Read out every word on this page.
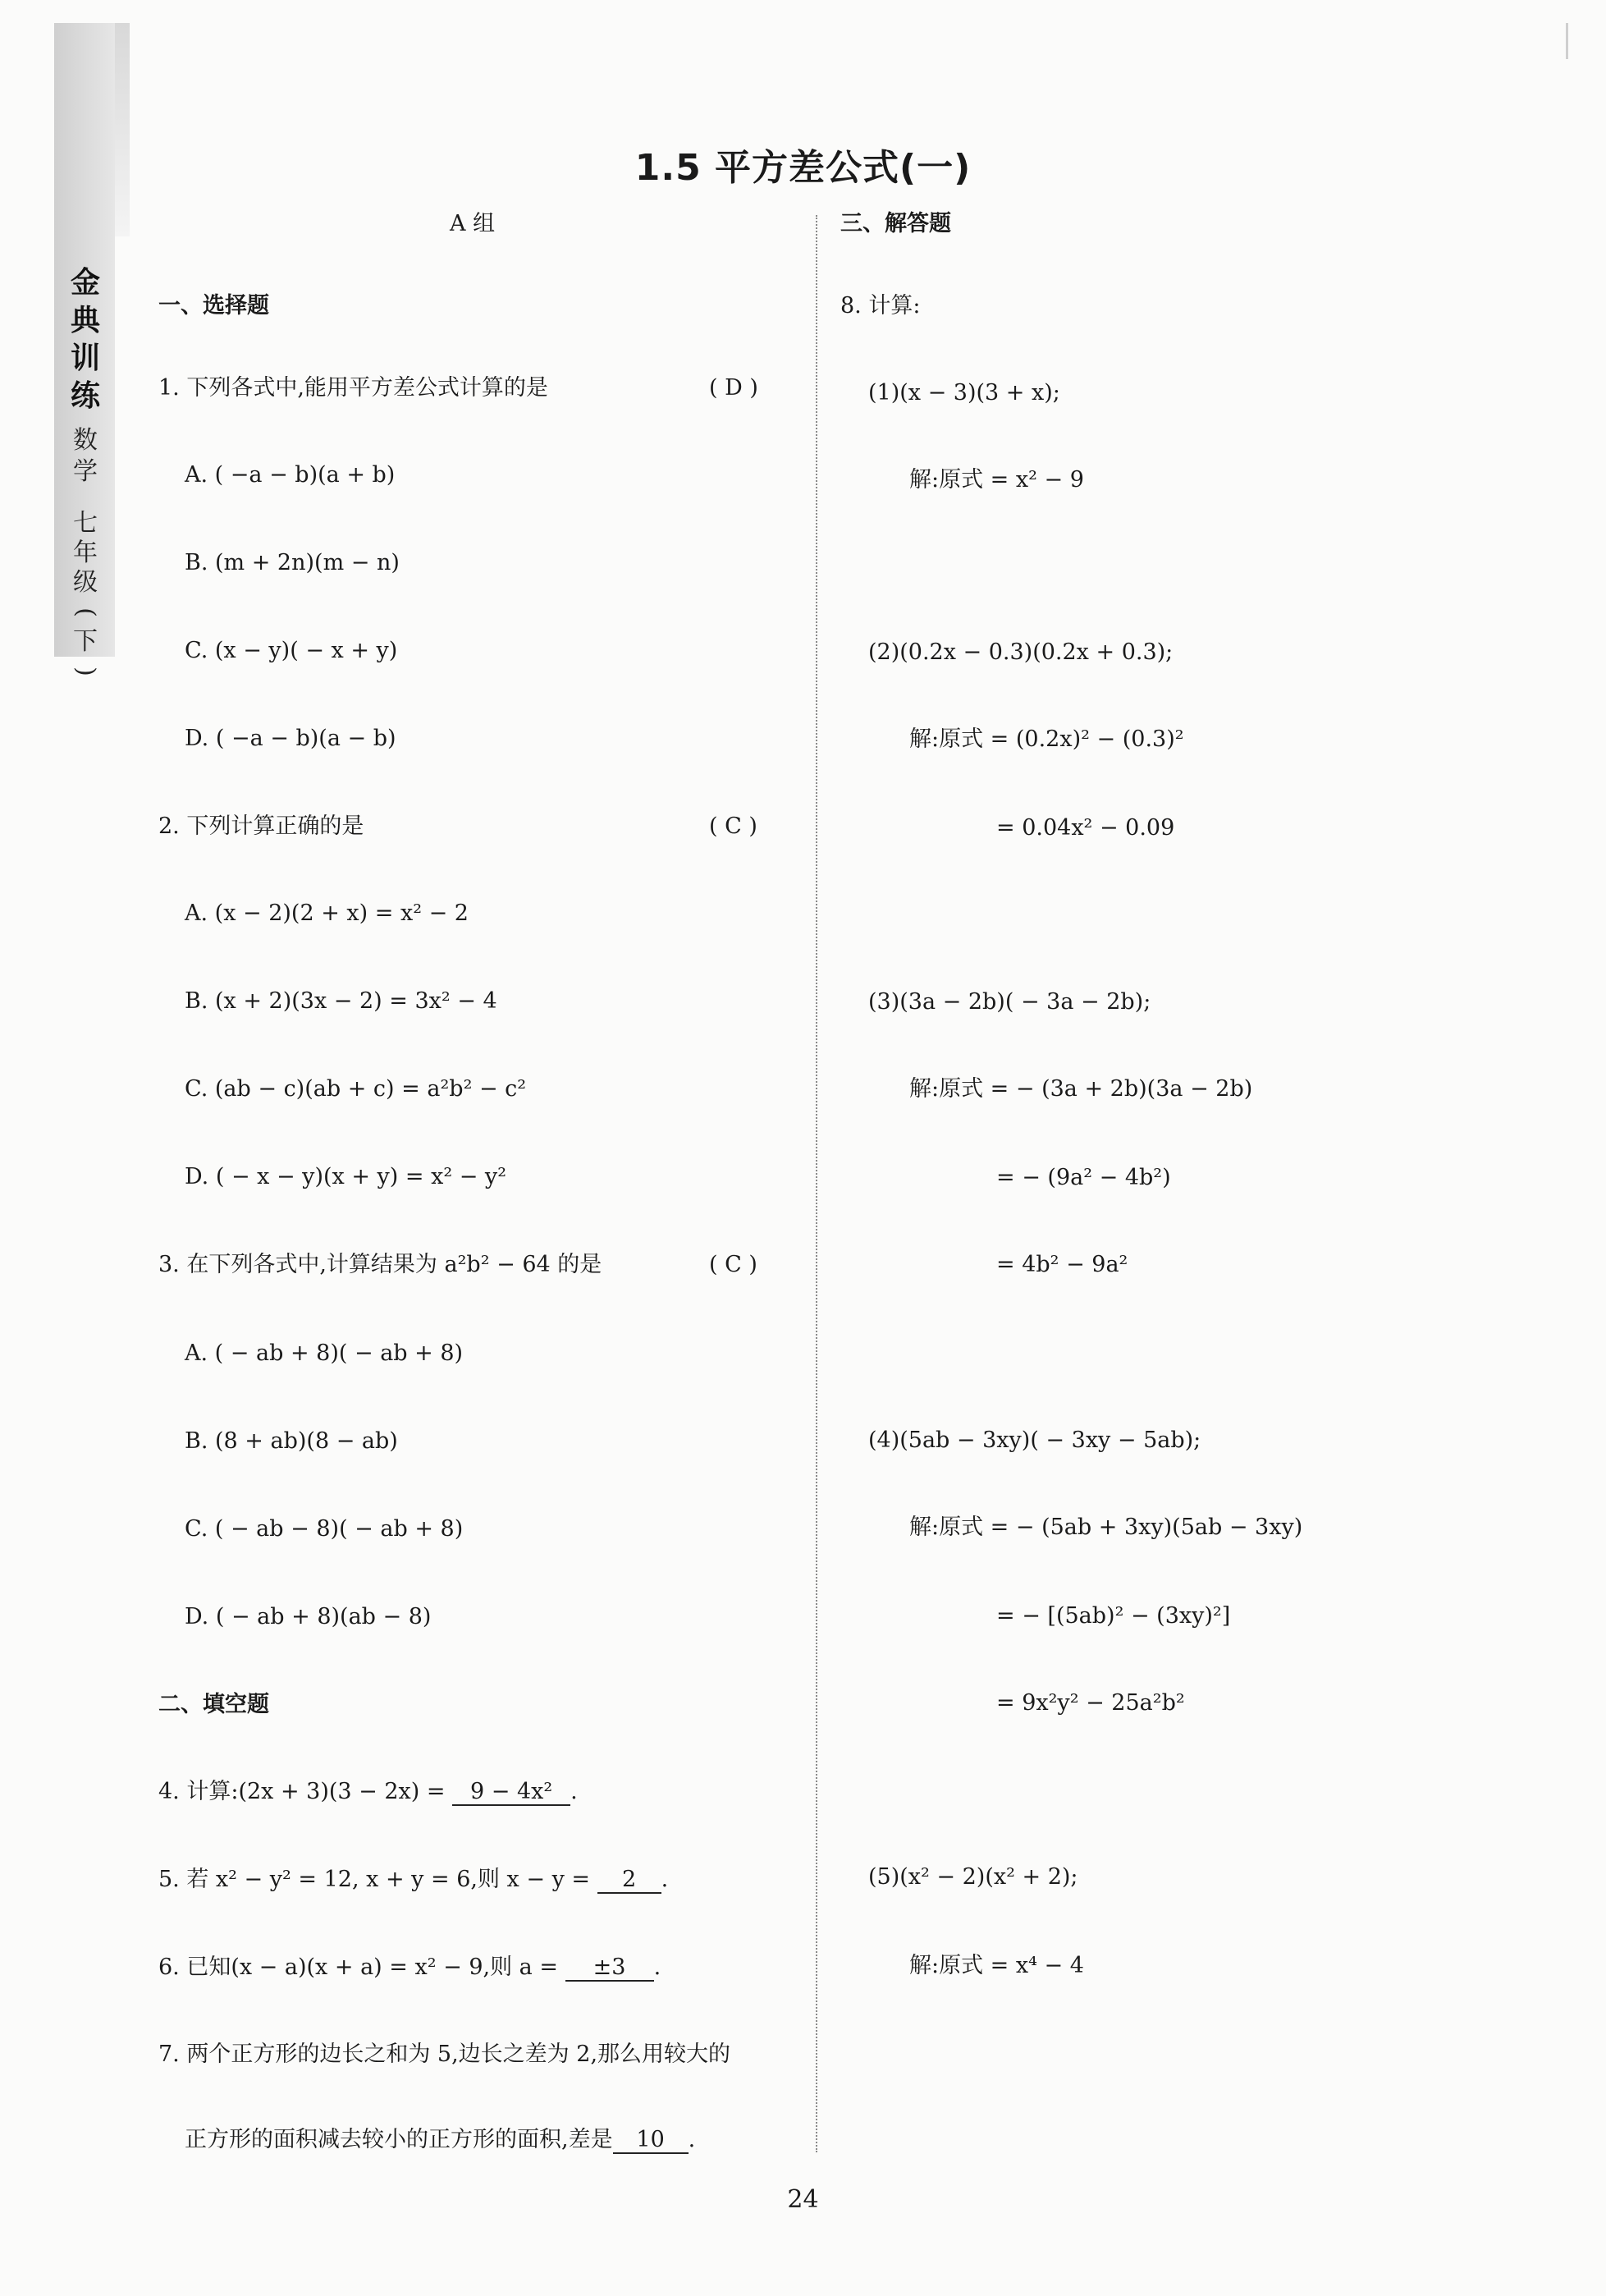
金
典
训
练
数
学
七
年
级
(
下
)
1.5 平方差公式(一)
A 组
一、选择题
1. 下列各式中,能用平方差公式计算的是	( D )
A. ( −a − b)(a + b)
B. (m + 2n)(m − n)
C. (x − y)( − x + y)
D. ( −a − b)(a − b)
2. 下列计算正确的是	( C )
A. (x − 2)(2 + x) = x² − 2
B. (x + 2)(3x − 2) = 3x² − 4
C. (ab − c)(ab + c) = a²b² − c²
D. ( − x − y)(x + y) = x² − y²
3. 在下列各式中,计算结果为 a²b² − 64 的是	( C )
A. ( − ab + 8)( − ab + 8)
B. (8 + ab)(8 − ab)
C. ( − ab − 8)( − ab + 8)
D. ( − ab + 8)(ab − 8)
二、填空题
4. 计算:(2x + 3)(3 − 2x) = 9 − 4x² .
5. 若 x² − y² = 12, x + y = 6,则 x − y = 2 .
6. 已知(x − a)(x + a) = x² − 9,则 a = ±3 .
7. 两个正方形的边长之和为 5,边长之差为 2,那么用较大的
正方形的面积减去较小的正方形的面积,差是 10 .
三、解答题
8. 计算:
(1)(x − 3)(3 + x);
解:原式 = x² − 9
(2)(0.2x − 0.3)(0.2x + 0.3);
解:原式 = (0.2x)² − (0.3)²
= 0.04x² − 0.09
(3)(3a − 2b)( − 3a − 2b);
解:原式 = − (3a + 2b)(3a − 2b)
= − (9a² − 4b²)
= 4b² − 9a²
(4)(5ab − 3xy)( − 3xy − 5ab);
解:原式 = − (5ab + 3xy)(5ab − 3xy)
= − [(5ab)² − (3xy)²]
= 9x²y² − 25a²b²
(5)(x² − 2)(x² + 2);
解:原式 = x⁴ − 4
24
